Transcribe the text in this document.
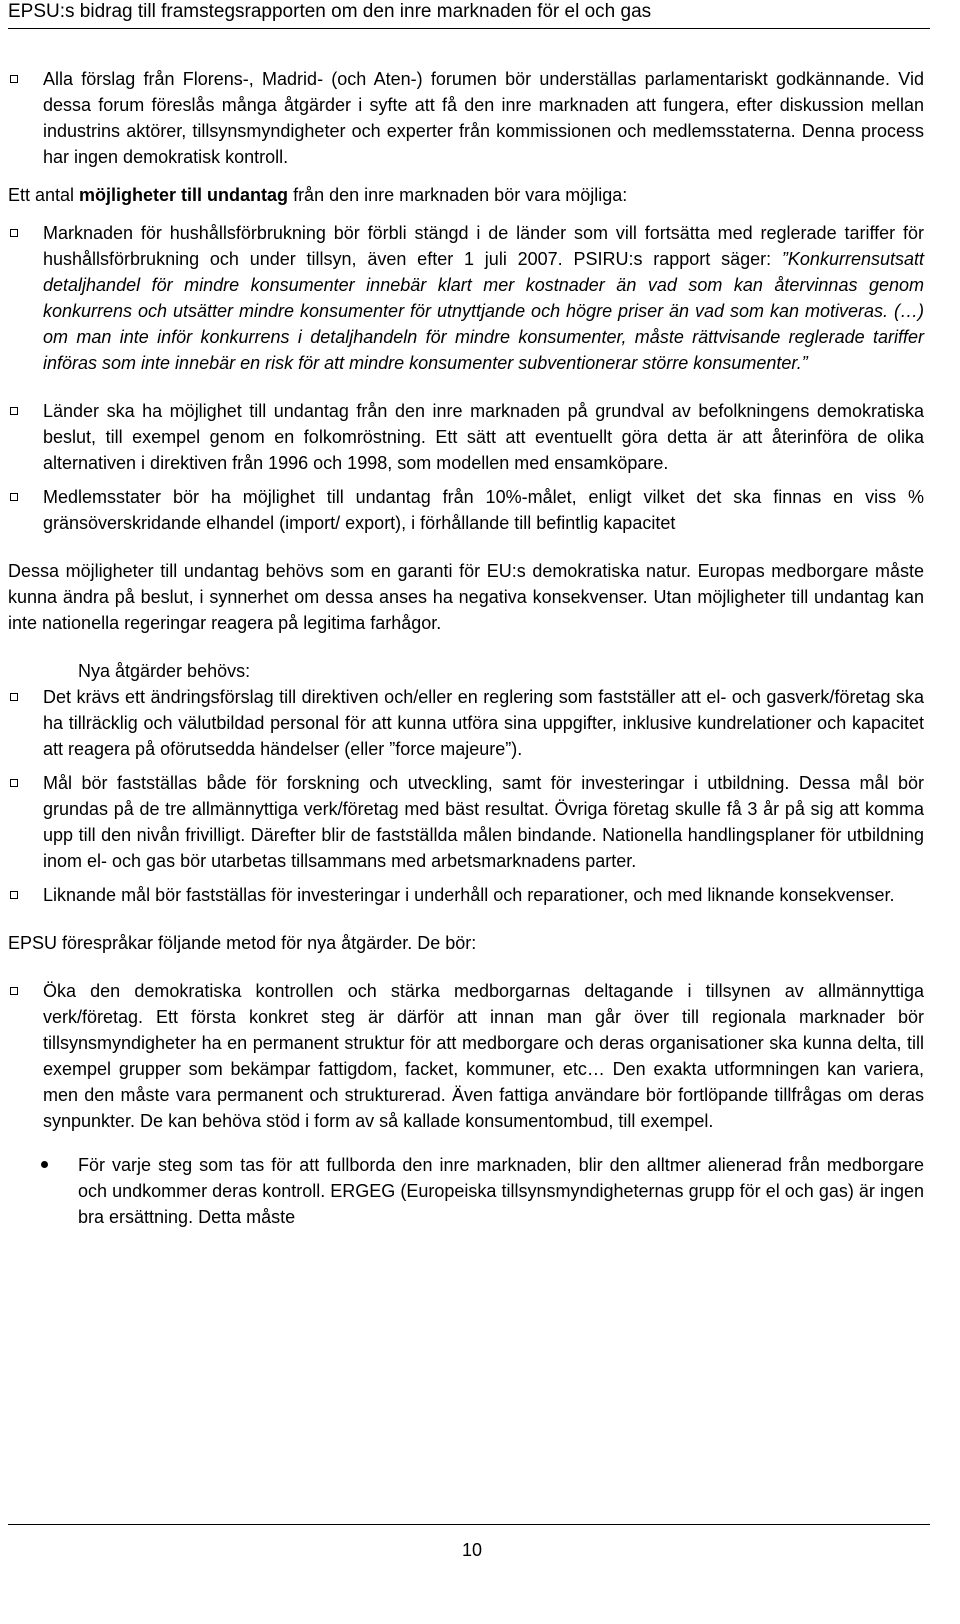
EPSU:s bidrag till framstegsrapporten om den inre marknaden för el och gas

Alla förslag från Florens-, Madrid- (och Aten-) forumen bör underställas parlamentariskt godkännande. Vid dessa forum föreslås många åtgärder i syfte att få den inre marknaden att fungera, efter diskussion mellan industrins aktörer, tillsynsmyndigheter och experter från kommissionen och medlemsstaterna. Denna process har ingen demokratisk kontroll.

Ett antal möjligheter till undantag från den inre marknaden bör vara möjliga:

Marknaden för hushållsförbrukning bör förbli stängd i de länder som vill fortsätta med reglerade tariffer för hushållsförbrukning och under tillsyn, även efter 1 juli 2007. PSIRU:s rapport säger: ”Konkurrensutsatt detaljhandel för mindre konsumenter innebär klart mer kostnader än vad som kan återvinnas genom konkurrens och utsätter mindre konsumenter för utnyttjande och högre priser än vad som kan motiveras. (…) om man inte inför konkurrens i detaljhandeln för mindre konsumenter, måste rättvisande reglerade tariffer införas som inte innebär en risk för att mindre konsumenter subventionerar större konsumenter.”

Länder ska ha möjlighet till undantag från den inre marknaden på grundval av befolkningens demokratiska beslut, till exempel genom en folkomröstning. Ett sätt att eventuellt göra detta är att återinföra de olika alternativen i direktiven från 1996 och 1998, som modellen med ensamköpare.

Medlemsstater bör ha möjlighet till undantag från 10%-målet, enligt vilket det ska finnas en viss % gränsöverskridande elhandel (import/ export), i förhållande till befintlig kapacitet

Dessa möjligheter till undantag behövs som en garanti för EU:s demokratiska natur. Europas medborgare måste kunna ändra på beslut, i synnerhet om dessa anses ha negativa konsekvenser. Utan möjligheter till undantag kan inte nationella regeringar reagera på legitima farhågor.

Nya åtgärder behövs:

Det krävs ett ändringsförslag till direktiven och/eller en reglering som fastställer att el- och gasverk/företag ska ha tillräcklig och välutbildad personal för att kunna utföra sina uppgifter, inklusive kundrelationer och kapacitet att reagera på oförutsedda händelser (eller ”force majeure”).

Mål bör fastställas både för forskning och utveckling, samt för investeringar i utbildning. Dessa mål bör grundas på de tre allmännyttiga verk/företag med bäst resultat. Övriga företag skulle få 3 år på sig att komma upp till den nivån frivilligt. Därefter blir de fastställda målen bindande. Nationella handlingsplaner för utbildning inom el- och gas bör utarbetas tillsammans med arbetsmarknadens parter.

Liknande mål bör fastställas för investeringar i underhåll och reparationer, och med liknande konsekvenser.

EPSU förespråkar följande metod för nya åtgärder. De bör:

Öka den demokratiska kontrollen och stärka medborgarnas deltagande i tillsynen av allmännyttiga verk/företag. Ett första konkret steg är därför att innan man går över till regionala marknader bör tillsynsmyndigheter ha en permanent struktur för att medborgare och deras organisationer ska kunna delta, till exempel grupper som bekämpar fattigdom, facket, kommuner, etc… Den exakta utformningen kan variera, men den måste vara permanent och strukturerad. Även fattiga användare bör fortlöpande tillfrågas om deras synpunkter. De kan behöva stöd i form av så kallade konsumentombud, till exempel.

För varje steg som tas för att fullborda den inre marknaden, blir den alltmer alienerad från medborgare och undkommer deras kontroll. ERGEG (Europeiska tillsynsmyndigheternas grupp för el och gas) är ingen bra ersättning. Detta måste

10
